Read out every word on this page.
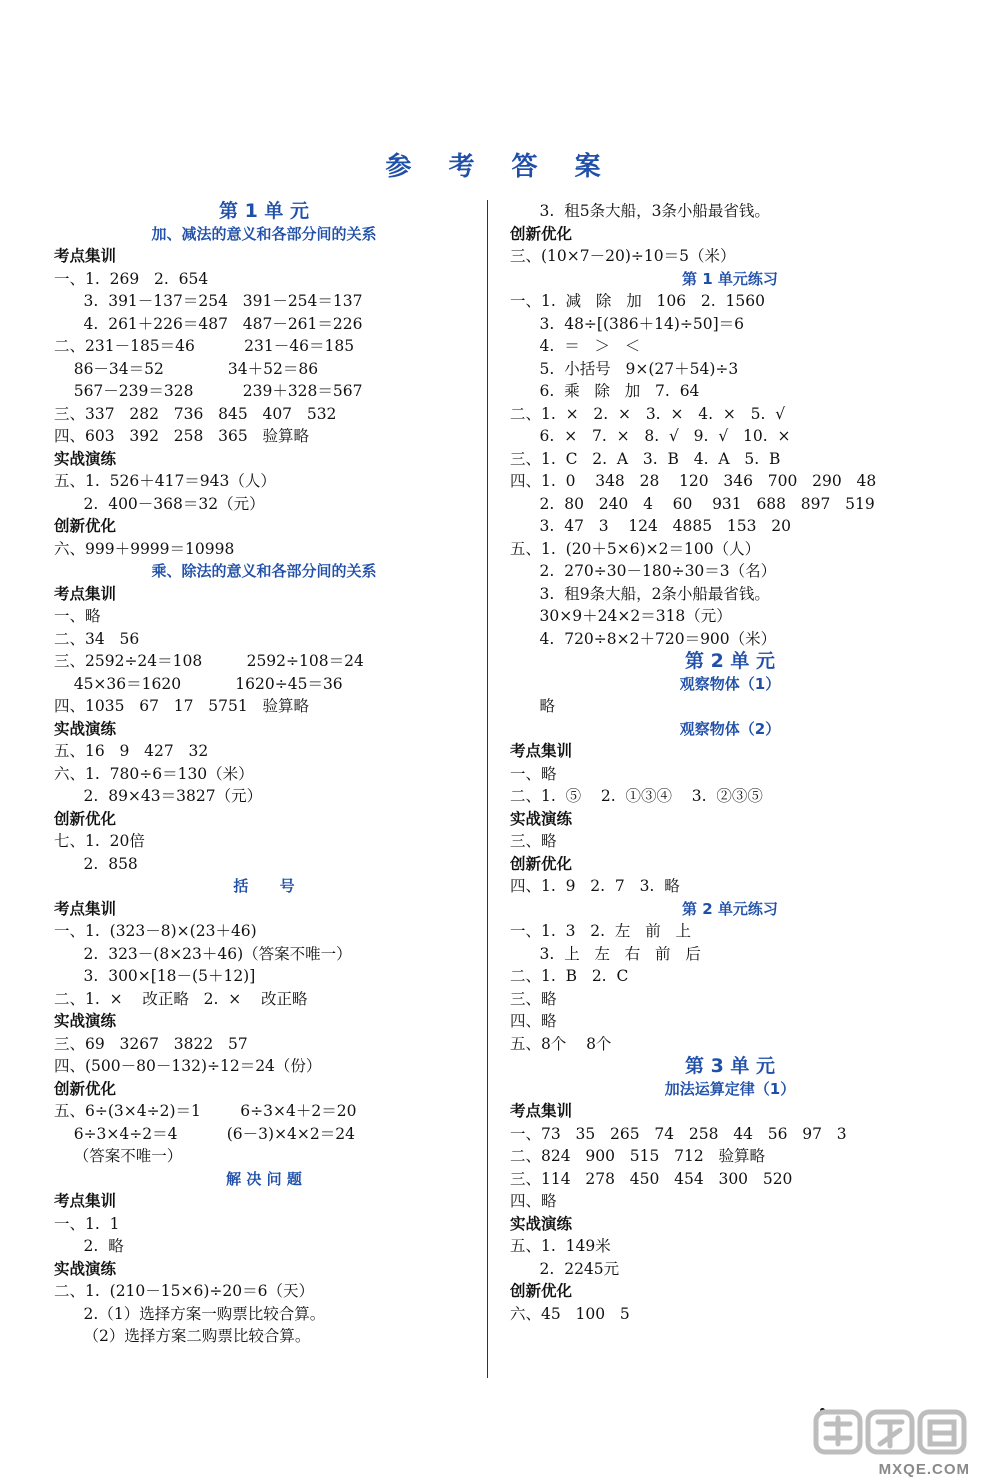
参 考 答 案
第 1 单 元
加、减法的意义和各部分间的关系
考点集训
一、1.  269   2.  654
3.  391－137＝254   391－254＝137
4.  261＋226＝487   487－261＝226
二、231－185＝46          231－46＝185
86－34＝52             34＋52＝86
567－239＝328          239＋328＝567
三、337   282   736   845   407   532
四、603   392   258   365   验算略
实战演练
五、1.  526＋417＝943（人）
2.  400－368＝32（元）
创新优化
六、999＋9999＝10998
乘、除法的意义和各部分间的关系
考点集训
一、略
二、34   56
三、2592÷24＝108         2592÷108＝24
45×36＝1620           1620÷45＝36
四、1035   67   17   5751   验算略
实战演练
五、16   9   427   32
六、1.  780÷6＝130（米）
2.  89×43＝3827（元）
创新优化
七、1.  20倍
2.  858
括      号
考点集训
一、1.  (323－8)×(23＋46)
2.  323－(8×23＋46)（答案不唯一）
3.  300×[18－(5＋12)]
二、1.  ×    改正略   2.  ×    改正略
实战演练
三、69   3267   3822   57
四、(500－80－132)÷12＝24（份）
创新优化
五、6÷(3×4÷2)＝1        6÷3×4＋2＝20
6÷3×4÷2＝4          (6－3)×4×2＝24
（答案不唯一）
解 决 问 题
考点集训
一、1.  1
2.  略
实战演练
二、1.  (210－15×6)÷20＝6（天）
2.（1）选择方案一购票比较合算。
（2）选择方案二购票比较合算。
3.  租5条大船，3条小船最省钱。
创新优化
三、(10×7－20)÷10＝5（米）
第 1 单元练习
一、1.  减   除   加   106   2.  1560
3.  48÷[(386＋14)÷50]＝6
4.  ＝   ＞   ＜
5.  小括号   9×(27＋54)÷3
6.  乘   除   加   7.  64
二、1.  ×   2.  ×   3.  ×   4.  ×   5.  √
6.  ×   7.  ×   8.  √   9.  √   10.  ×
三、1.  C   2.  A   3.  B   4.  A   5.  B
四、1.  0    348   28    120   346   700   290   48
2.  80   240   4    60    931   688   897   519
3.  47   3    124   4885   153   20
五、1.  (20＋5×6)×2＝100（人）
2.  270÷30－180÷30＝3（名）
3.  租9条大船，2条小船最省钱。
30×9＋24×2＝318（元）
4.  720÷8×2＋720＝900（米）
第 2 单 元
观察物体（1）
略
观察物体（2）
考点集训
一、略
二、1.  ⑤    2.  ①③④    3.  ②③⑤
实战演练
三、略
创新优化
四、1.  9   2.  7   3.  略
第 2 单元练习
一、1.  3   2.  左   前   上
3.  上   左   右   前   后
二、1.  B   2.  C
三、略
四、略
五、8个    8个
第 3 单 元
加法运算定律（1）
考点集训
一、73   35   265   74   258   44   56   97   3
二、824   900   515   712   验算略
三、114   278   450   454   300   520
四、略
实战演练
五、1.  149米
2.  2245元
创新优化
六、45   100   5
MXQE.COM
